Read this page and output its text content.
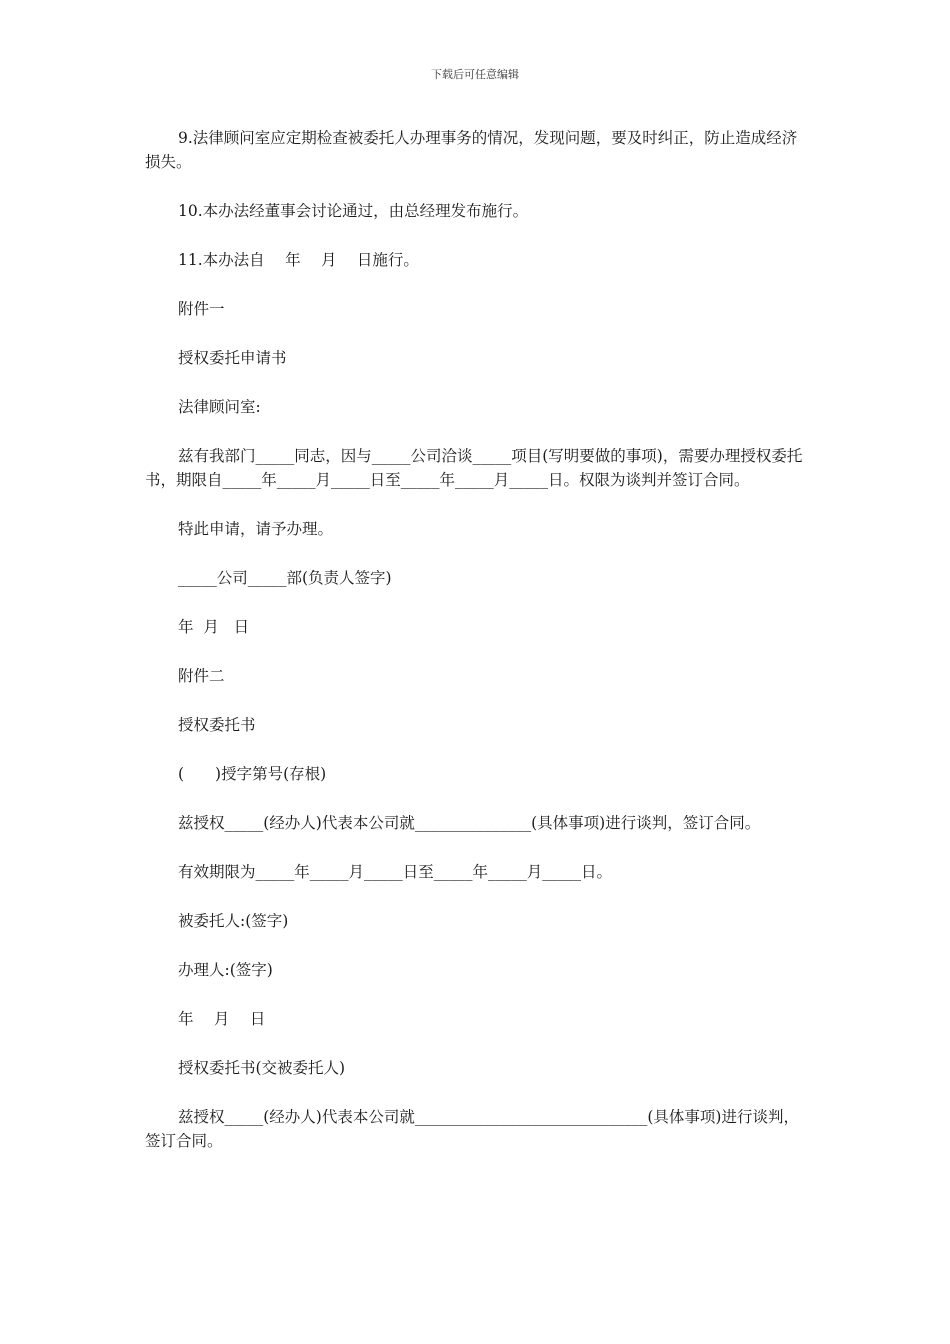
下载后可任意编辑

9.法律顾问室应定期检查被委托人办理事务的情况，发现问题，要及时纠正，防止造成经济损失。

10.本办法经董事会讨论通过，由总经理发布施行。

11.本办法自　 年　 月　 日施行。

附件一

授权委托申请书

法律顾问室:

兹有我部门_____同志，因与_____公司洽谈_____项目(写明要做的事项)，需要办理授权委托书，期限自_____年_____月_____日至_____年_____月_____日。权限为谈判并签订合同。

特此申请，请予办理。

_____公司_____部(负责人签字)

年  月   日

附件二

授权委托书

(　　)授字第号(存根)

兹授权_____(经办人)代表本公司就_______________(具体事项)进行谈判，签订合同。

有效期限为_____年_____月_____日至_____年_____月_____日。

被委托人:(签字)

办理人:(签字)

年　 月　 日

授权委托书(交被委托人)

兹授权_____(经办人)代表本公司就______________________________(具体事项)进行谈判，签订合同。
